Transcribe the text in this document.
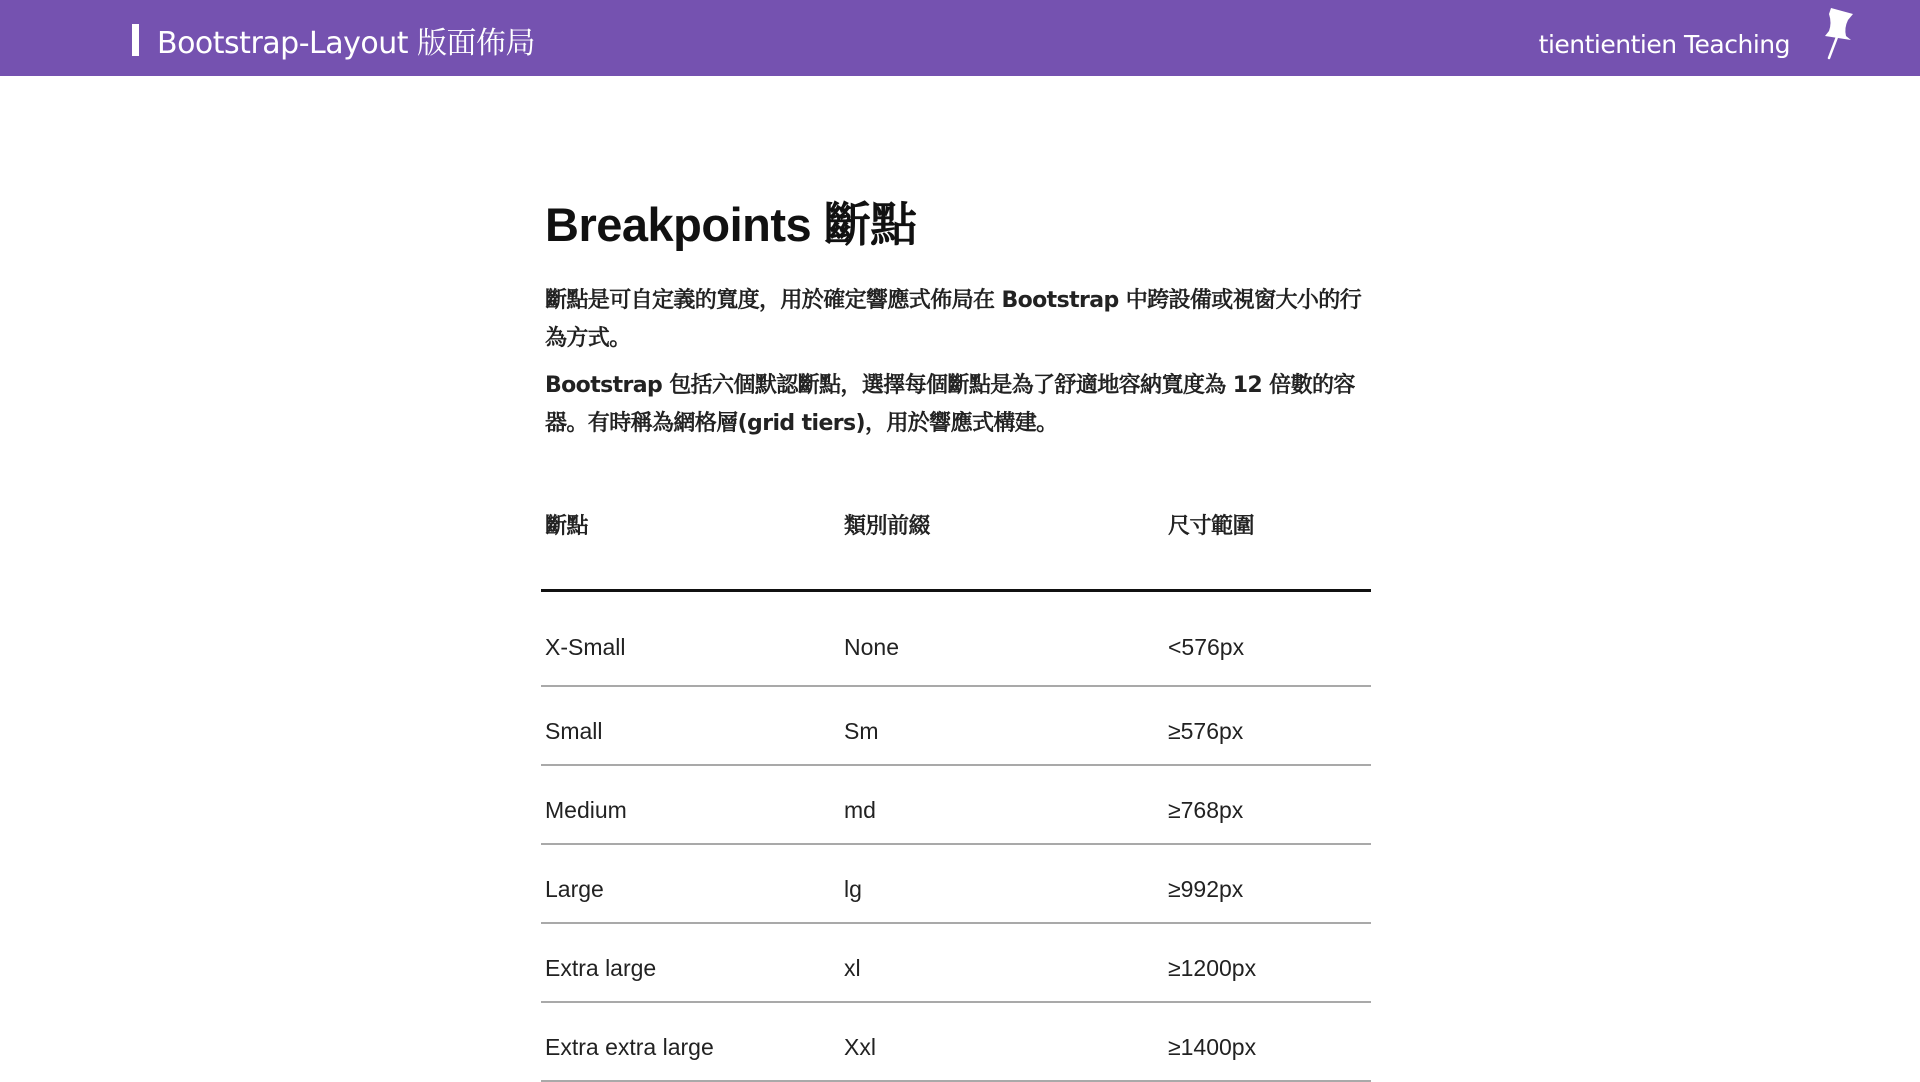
Bootstrap-Layout 版面佈局	tientientien Teaching
Breakpoints 斷點

斷點是可自定義的寬度，用於確定響應式佈局在 Bootstrap 中跨設備或視窗大小的行為方式。

Bootstrap 包括六個默認斷點，選擇每個斷點是為了舒適地容納寬度為 12 倍數的容器。有時稱為網格層(grid tiers)，用於響應式構建。

斷點	類別前綴	尺寸範圍
X-Small	None	<576px
Small	Sm	≥576px
Medium	md	≥768px
Large	lg	≥992px
Extra large	xl	≥1200px
Extra extra large	Xxl	≥1400px
